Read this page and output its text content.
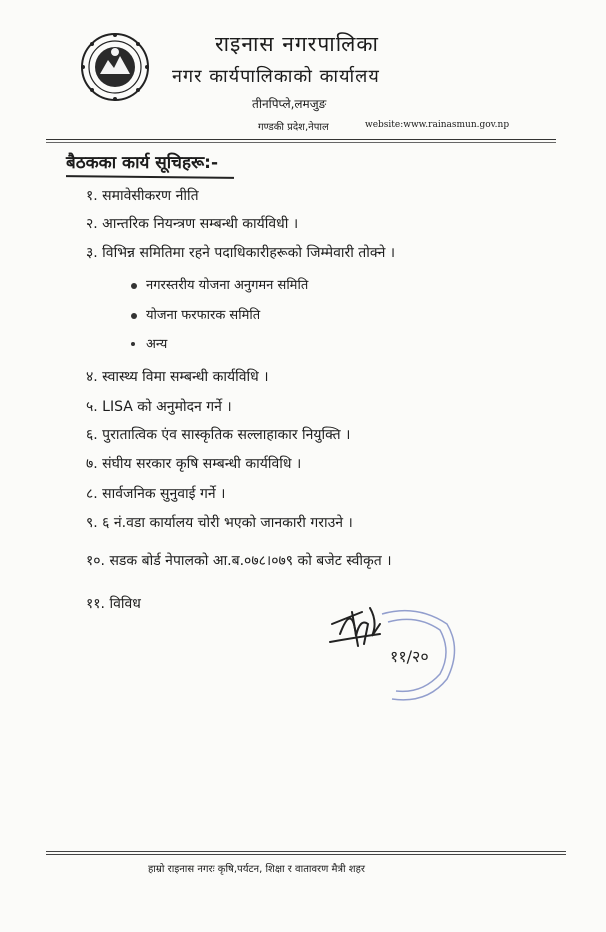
राइनास नगरपालिका
नगर कार्यपालिकाको कार्यालय
तीनपिप्ले,लमजुङ
गण्डकी प्रदेश,नेपाल	website:www.rainasmun.gov.np
बैठकका कार्य सूचिहरू:-
१. समावेसीकरण नीति
२. आन्तरिक नियन्त्रण सम्बन्धी कार्यविधी ।
३. विभिन्न समितिमा रहने पदाधिकारीहरूको जिम्मेवारी तोक्ने ।
नगरस्तरीय योजना अनुगमन समिति
योजना फरफारक समिति
अन्य
४. स्वास्थ्य विमा सम्बन्धी कार्यविधि ।
५. LISA को अनुमोदन गर्ने ।
६. पुरातात्विक एंव सास्कृतिक सल्लाहाकार नियुक्ति ।
७. संघीय सरकार कृषि सम्बन्धी कार्यविधि ।
८. सार्वजनिक सुनुवाई गर्ने ।
९. ६ नं.वडा कार्यालय चोरी भएको जानकारी गराउने ।
१०. सडक बोर्ड नेपालको आ.ब.०७८।०७९ को बजेट स्वीकृत ।
११. विविध
११/२०
हाम्रो राइनास नगरः कृषि,पर्यटन, शिक्षा र वातावरण मैत्री शहर
